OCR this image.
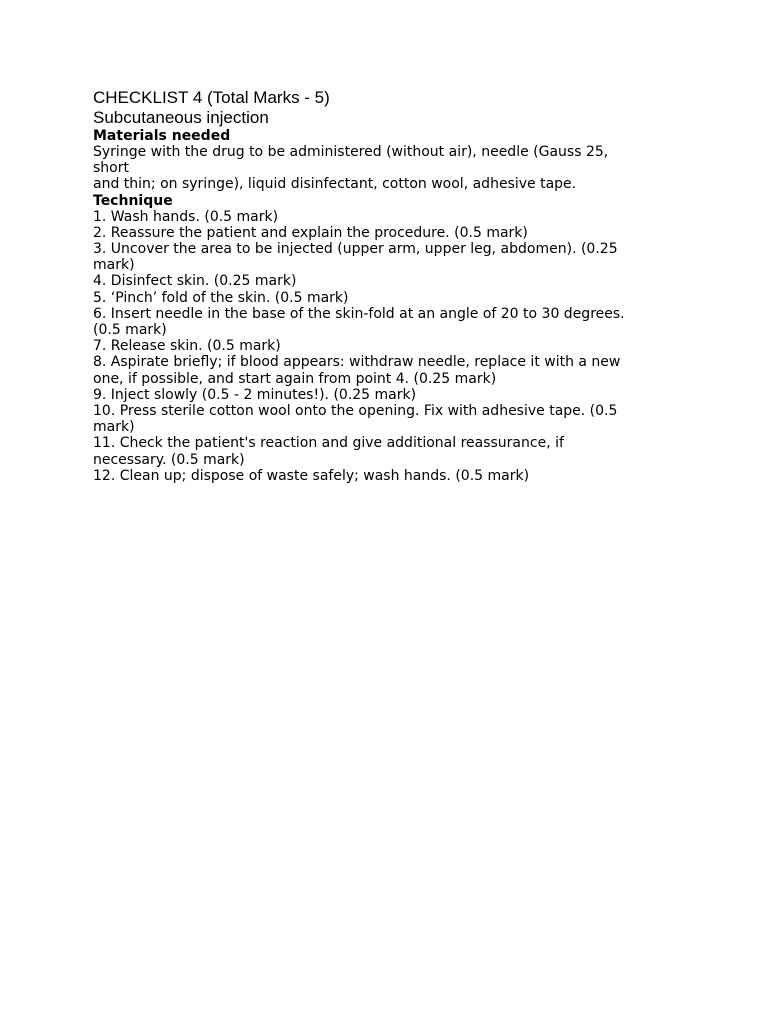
CHECKLIST 4 (Total Marks - 5)
Subcutaneous injection
Materials needed
Syringe with the drug to be administered (without air), needle (Gauss 25,
short
and thin; on syringe), liquid disinfectant, cotton wool, adhesive tape.
Technique
1. Wash hands. (0.5 mark)
2. Reassure the patient and explain the procedure. (0.5 mark)
3. Uncover the area to be injected (upper arm, upper leg, abdomen). (0.25
mark)
4. Disinfect skin. (0.25 mark)
5. ‘Pinch’ fold of the skin. (0.5 mark)
6. Insert needle in the base of the skin-fold at an angle of 20 to 30 degrees.
(0.5 mark)
7. Release skin. (0.5 mark)
8. Aspirate briefly; if blood appears: withdraw needle, replace it with a new
one, if possible, and start again from point 4. (0.25 mark)
9. Inject slowly (0.5 - 2 minutes!). (0.25 mark)
10. Press sterile cotton wool onto the opening. Fix with adhesive tape. (0.5
mark)
11. Check the patient's reaction and give additional reassurance, if
necessary. (0.5 mark)
12. Clean up; dispose of waste safely; wash hands. (0.5 mark)
